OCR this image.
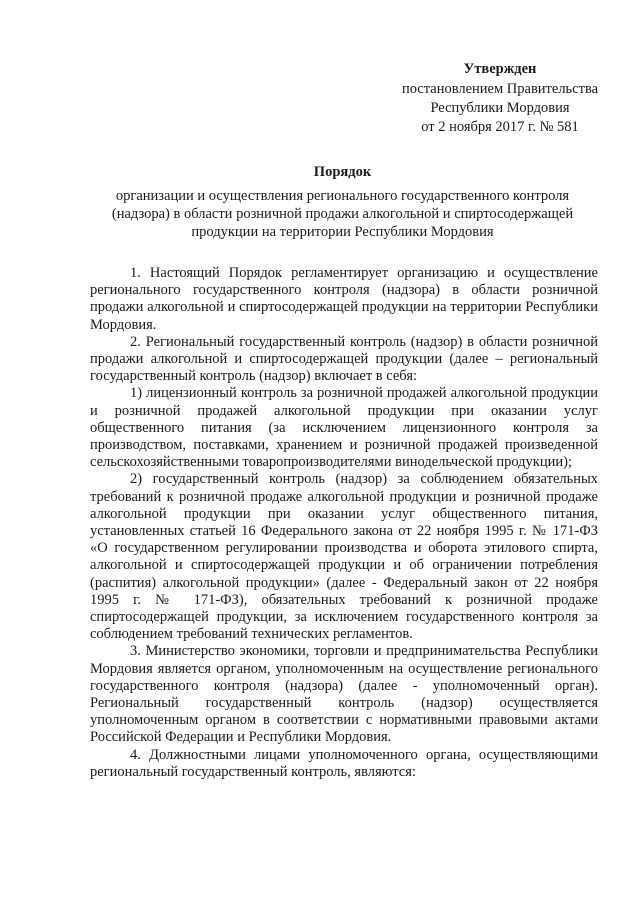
Утвержден
постановлением Правительства
Республики Мордовия
от 2 ноября 2017 г. № 581
Порядок
организации и осуществления регионального государственного контроля (надзора) в области розничной продажи алкогольной и спиртосодержащей продукции на территории Республики Мордовия

1. Настоящий Порядок регламентирует организацию и осуществление регионального государственного контроля (надзора) в области розничной продажи алкогольной и спиртосодержащей продукции на территории Республики Мордовия.

2. Региональный государственный контроль (надзор) в области розничной продажи алкогольной и спиртосодержащей продукции (далее – региональный государственный контроль (надзор) включает в себя:

1) лицензионный контроль за розничной продажей алкогольной продукции и розничной продажей алкогольной продукции при оказании услуг общественного питания (за исключением лицензионного контроля за производством, поставками, хранением и розничной продажей произведенной сельскохозяйственными товаропроизводителями винодельческой продукции);

2) государственный контроль (надзор) за соблюдением обязательных требований к розничной продаже алкогольной продукции и розничной продаже алкогольной продукции при оказании услуг общественного питания, установленных статьей 16 Федерального закона от 22 ноября 1995 г. № 171-ФЗ «О государственном регулировании производства и оборота этилового спирта, алкогольной и спиртосодержащей продукции и об ограничении потребления (распития) алкогольной продукции» (далее - Федеральный закон от 22 ноября 1995 г. № 171-ФЗ), обязательных требований к розничной продаже спиртосодержащей продукции, за исключением государственного контроля за соблюдением требований технических регламентов.

3. Министерство экономики, торговли и предпринимательства Республики Мордовия является органом, уполномоченным на осуществление регионального государственного контроля (надзора) (далее - уполномоченный орган). Региональный государственный контроль (надзор) осуществляется уполномоченным органом в соответствии с нормативными правовыми актами Российской Федерации и Республики Мордовия.

4. Должностными лицами уполномоченного органа, осуществляющими региональный государственный контроль, являются:
